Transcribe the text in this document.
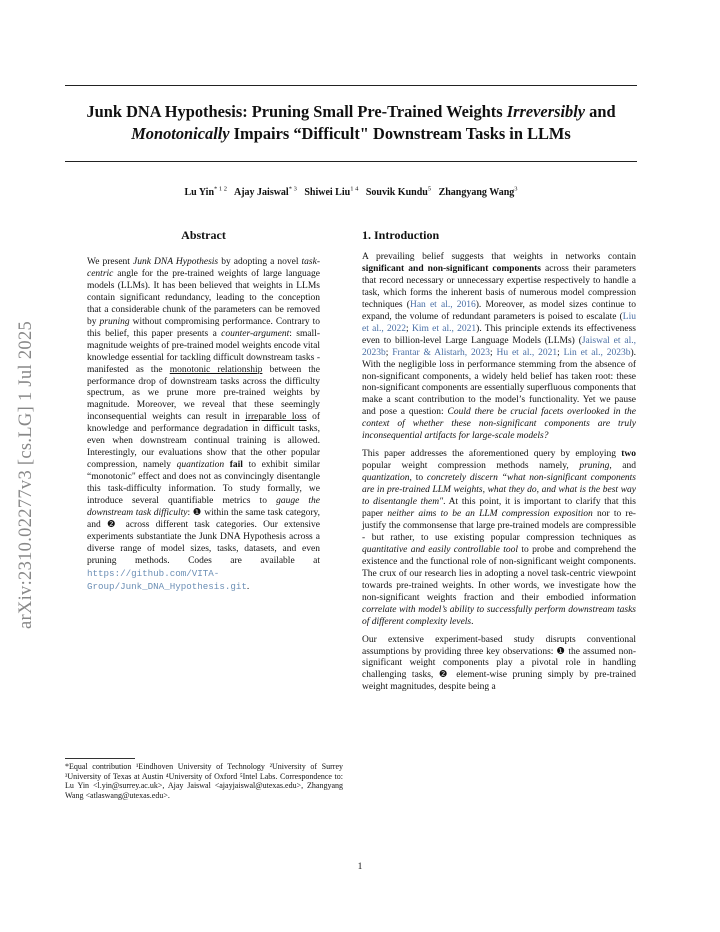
arXiv:2310.02277v3 [cs.LG] 1 Jul 2025
Junk DNA Hypothesis: Pruning Small Pre-Trained Weights Irreversibly and
Monotonically Impairs “Difficult" Downstream Tasks in LLMs
Lu Yin$^{* 1 2}$ Ajay Jaiswal$^{* 3}$ Shiwei Liu$^{1 4}$ Souvik Kundu$^5$ Zhangyang Wang$^3$
Abstract

We present Junk DNA Hypothesis by adopting a novel task-centric angle for the pre-trained weights of large language models (LLMs). It has been believed that weights in LLMs contain significant redundancy, leading to the conception that a considerable chunk of the parameters can be removed by pruning without compromising performance. Contrary to this belief, this paper presents a counter-argument: small-magnitude weights of pre-trained model weights encode vital knowledge essential for tackling difficult downstream tasks - manifested as the monotonic relationship between the performance drop of downstream tasks across the difficulty spectrum, as we prune more pre-trained weights by magnitude. Moreover, we reveal that these seemingly inconsequential weights can result in irreparable loss of knowledge and performance degradation in difficult tasks, even when downstream continual training is allowed. Interestingly, our evaluations show that the other popular compression, namely quantization fail to exhibit similar “monotonic" effect and does not as convincingly disentangle this task-difficulty information. To study formally, we introduce several quantifiable metrics to gauge the downstream task difficulty: ❶ within the same task category, and ❷ across different task categories. Our extensive experiments substantiate the Junk DNA Hypothesis across a diverse range of model sizes, tasks, datasets, and even pruning methods. Codes are available at https://github.com/VITA-Group/Junk_DNA_Hypothesis.git.

*Equal contribution ¹Eindhoven University of Technology ²University of Surrey ³University of Texas at Austin ⁴University of Oxford ⁵Intel Labs. Correspondence to: Lu Yin <l.yin@surrey.ac.uk>, Ajay Jaiswal <ajayjaiswal@utexas.edu>, Zhangyang Wang <atlaswang@utexas.edu>.
1. Introduction

A prevailing belief suggests that weights in networks contain significant and non-significant components across their parameters that record necessary or unnecessary expertise respectively to handle a task, which forms the inherent basis of numerous model compression techniques (Han et al., 2016). Moreover, as model sizes continue to expand, the volume of redundant parameters is poised to escalate (Liu et al., 2022; Kim et al., 2021). This principle extends its effectiveness even to billion-level Large Language Models (LLMs) (Jaiswal et al., 2023b; Frantar & Alistarh, 2023; Hu et al., 2021; Lin et al., 2023b). With the negligible loss in performance stemming from the absence of non-significant components, a widely held belief has taken root: these non-significant components are essentially superfluous components that make a scant contribution to the model’s functionality. Yet we pause and pose a question: Could there be crucial facets overlooked in the context of whether these non-significant components are truly inconsequential artifacts for large-scale models?

This paper addresses the aforementioned query by employing two popular weight compression methods namely, pruning, and quantization, to concretely discern “what non-significant components are in pre-trained LLM weights, what they do, and what is the best way to disentangle them". At this point, it is important to clarify that this paper neither aims to be an LLM compression exposition nor to re-justify the commonsense that large pre-trained models are compressible - but rather, to use existing popular compression techniques as quantitative and easily controllable tool to probe and comprehend the existence and the functional role of non-significant weight components. The crux of our research lies in adopting a novel task-centric viewpoint towards pre-trained weights. In other words, we investigate how the non-significant weights fraction and their embodied information correlate with model’s ability to successfully perform downstream tasks of different complexity levels.

Our extensive experiment-based study disrupts conventional assumptions by providing three key observations: ❶ the assumed non-significant weight components play a pivotal role in handling challenging tasks, ❷ element-wise pruning simply by pre-trained weight magnitudes, despite being a

1
